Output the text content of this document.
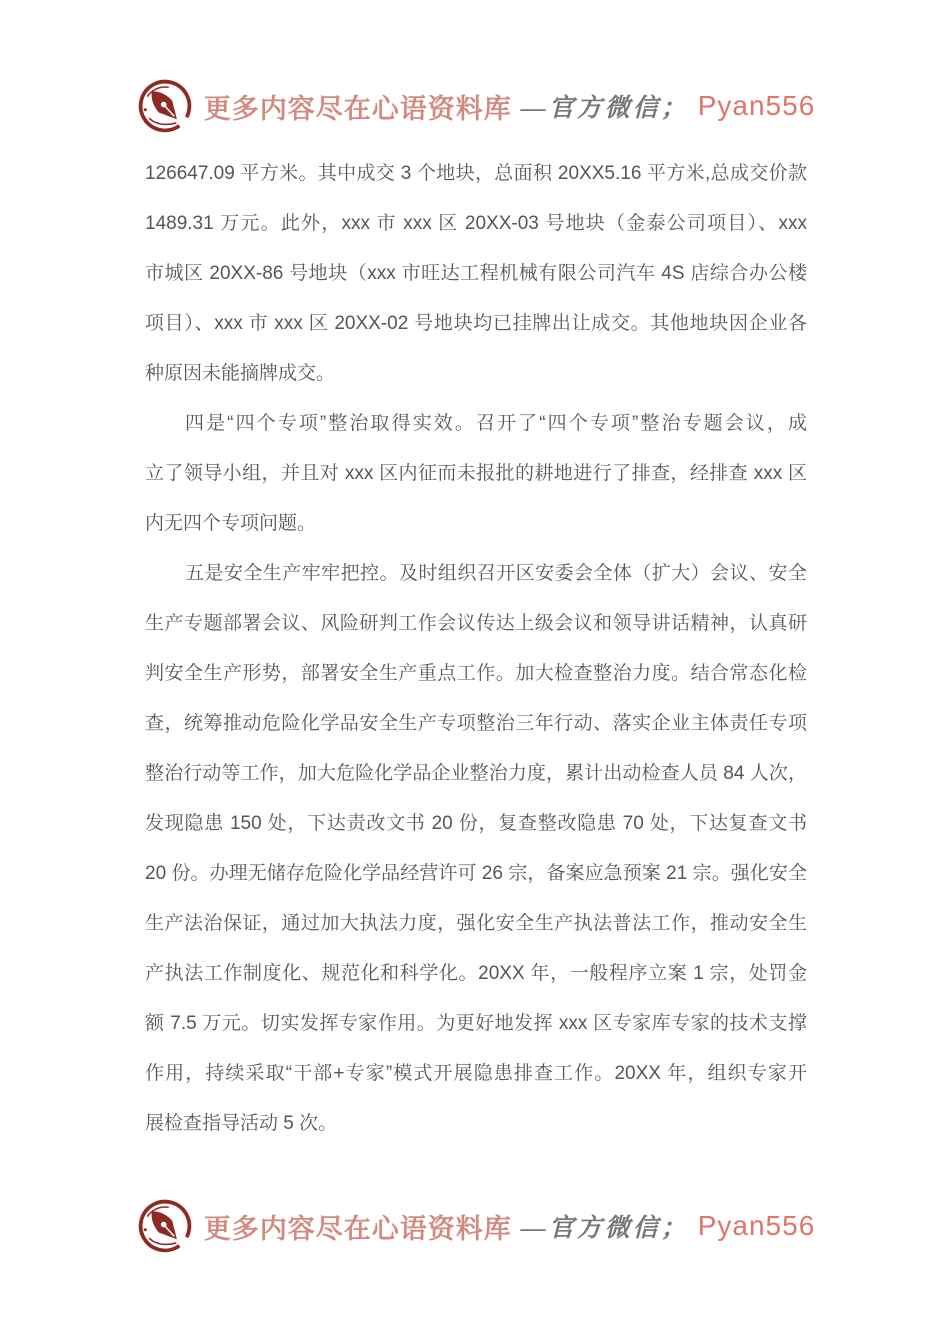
更多内容尽在心语资料库 —官方微信； Pyan556
126647.09 平方米。其中成交 3 个地块，总面积 20XX5.16 平方米,总成交价款
1489.31 万元。此外，xxx 市 xxx 区 20XX-03 号地块（金泰公司项目）、xxx
市城区 20XX-86 号地块（xxx 市旺达工程机械有限公司汽车 4S 店综合办公楼
项目）、xxx 市 xxx 区 20XX-02 号地块均已挂牌出让成交。其他地块因企业各
种原因未能摘牌成交。
四是“四个专项”整治取得实效。召开了“四个专项”整治专题会议，成
立了领导小组，并且对 xxx 区内征而未报批的耕地进行了排查，经排查 xxx 区
内无四个专项问题。
五是安全生产牢牢把控。及时组织召开区安委会全体（扩大）会议、安全
生产专题部署会议、风险研判工作会议传达上级会议和领导讲话精神，认真研
判安全生产形势，部署安全生产重点工作。加大检查整治力度。结合常态化检
查，统筹推动危险化学品安全生产专项整治三年行动、落实企业主体责任专项
整治行动等工作，加大危险化学品企业整治力度，累计出动检查人员 84 人次，
发现隐患 150 处，下达责改文书 20 份，复查整改隐患 70 处，下达复查文书
20 份。办理无储存危险化学品经营许可 26 宗，备案应急预案 21 宗。强化安全
生产法治保证，通过加大执法力度，强化安全生产执法普法工作，推动安全生
产执法工作制度化、规范化和科学化。20XX 年，一般程序立案 1 宗，处罚金
额 7.5 万元。切实发挥专家作用。为更好地发挥 xxx 区专家库专家的技术支撑
作用，持续采取“干部+专家”模式开展隐患排查工作。20XX 年，组织专家开
展检查指导活动 5 次。
更多内容尽在心语资料库 —官方微信； Pyan556
